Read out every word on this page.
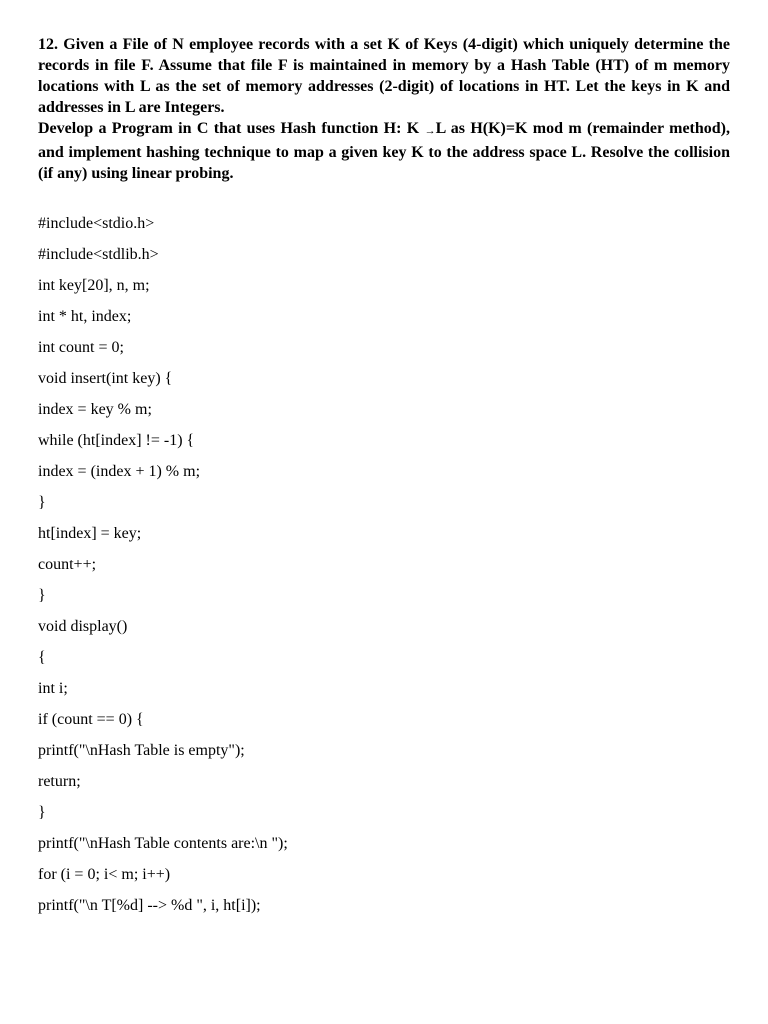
12. Given a File of N employee records with a set K of Keys (4-digit) which uniquely determine the records in file F. Assume that file F is maintained in memory by a Hash Table (HT) of m memory locations with L as the set of memory addresses (2-digit) of locations in HT. Let the keys in K and addresses in L are Integers.

Develop a Program in C that uses Hash function H: K →L as H(K)=K mod m (remainder method), and implement hashing technique to map a given key K to the address space L. Resolve the collision (if any) using linear probing.

#include<stdio.h>
#include<stdlib.h>
int key[20], n, m;
int * ht, index;
int count = 0;
void insert(int key) {
index = key % m;
while (ht[index] != -1) {
index = (index + 1) % m;
}
ht[index] = key;
count++;
}
void display()
{
int i;
if (count == 0) {
printf("\nHash Table is empty");
return;
}
printf("\nHash Table contents are:\n ");
for (i = 0; i< m; i++)
printf("\n T[%d] --> %d ", i, ht[i]);
